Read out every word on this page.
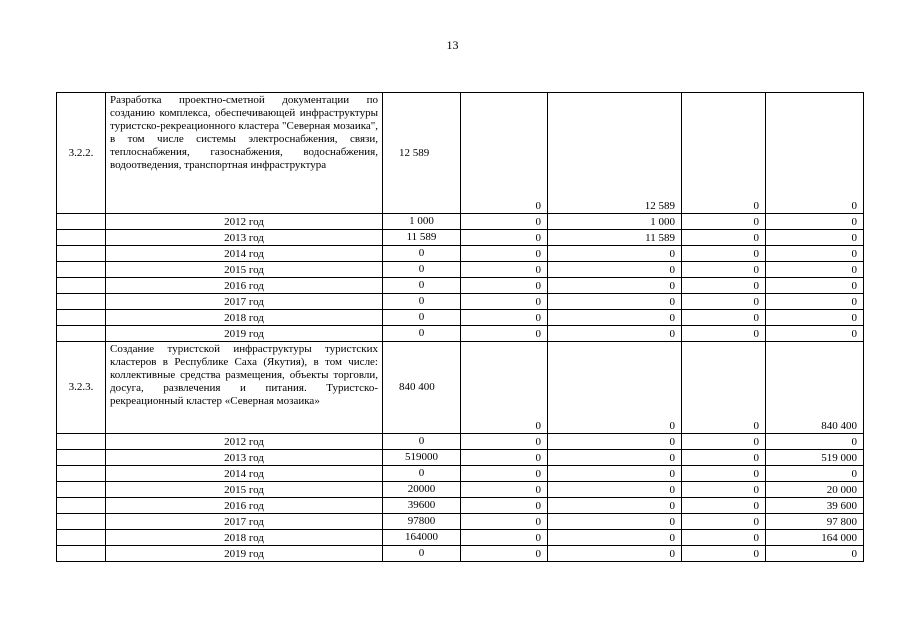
13
3.2.2.	Разработка проектно-сметной документации по созданию комплекса, обеспечивающей инфраструктуры туристско-рекреационного кластера "Северная мозаика", в том числе системы электроснабжения, связи, теплоснабжения, газоснабжения, водоснабжения, водоотведения, транспортная инфраструктура	12 589	0	12 589	0	0
	2012 год	1 000	0	1 000	0	0
	2013 год	11 589	0	11 589	0	0
	2014 год	0	0	0	0	0
	2015 год	0	0	0	0	0
	2016 год	0	0	0	0	0
	2017 год	0	0	0	0	0
	2018 год	0	0	0	0	0
	2019 год	0	0	0	0	0
3.2.3.	Создание туристской инфраструктуры туристских кластеров в Республике Саха (Якутия), в том числе: коллективные средства размещения, объекты торговли, досуга, развлечения и питания. Туристско-рекреационный кластер «Северная мозаика»	840 400	0	0	0	840 400
	2012 год	0	0	0	0	0
	2013 год	519000	0	0	0	519 000
	2014 год	0	0	0	0	0
	2015 год	20000	0	0	0	20 000
	2016 год	39600	0	0	0	39 600
	2017 год	97800	0	0	0	97 800
	2018 год	164000	0	0	0	164 000
	2019 год	0	0	0	0	0
